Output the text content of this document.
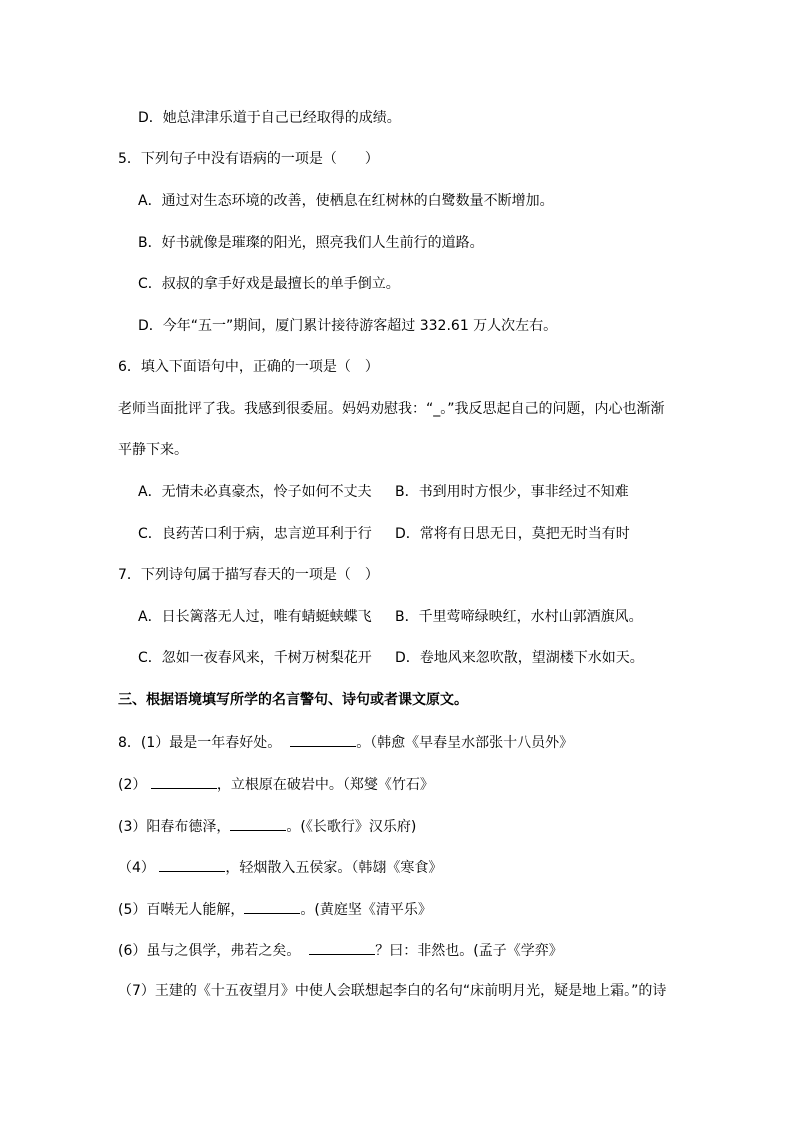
D．她总津津乐道于自己已经取得的成绩。
5．下列句子中没有语病的一项是（　　）
A．通过对生态环境的改善，使栖息在红树林的白鹭数量不断增加。
B．好书就像是璀璨的阳光，照亮我们人生前行的道路。
C．叔叔的拿手好戏是最擅长的单手倒立。
D．今年“五一”期间，厦门累计接待游客超过 332.61 万人次左右。
6．填入下面语句中，正确的一项是（　）
老师当面批评了我。我感到很委屈。妈妈劝慰我：“_。”我反思起自己的问题，内心也渐渐
平静下来。
A．无情未必真豪杰，怜子如何不丈夫 B．书到用时方恨少，事非经过不知难
C．良药苦口利于病，忠言逆耳利于行 D．常将有日思无日，莫把无时当有时
7．下列诗句属于描写春天的一项是（　）
A．日长篱落无人过，唯有蜻蜓蛱蝶飞 B．千里莺啼绿映红，水村山郭酒旗风。
C．忽如一夜春风来，千树万树梨花开 D．卷地风来忽吹散，望湖楼下水如天。
三、根据语境填写所学的名言警句、诗句或者课文原文。
8．(1）最是一年春好处。	。（韩愈《早春呈水部张十八员外》
(2）	，立根原在破岩中。（郑燮《竹石》
(3）阳春布德泽，	。(《长歌行》汉乐府)
（4）	，轻烟散入五侯家。（韩翃《寒食》
(5）百啭无人能解，	。(黄庭坚《清平乐》
(6）虽与之俱学，弗若之矣。	？曰：非然也。(孟子《学弈》
（7）王建的《十五夜望月》中使人会联想起李白的名句“床前明月光，疑是地上霜。”的诗
